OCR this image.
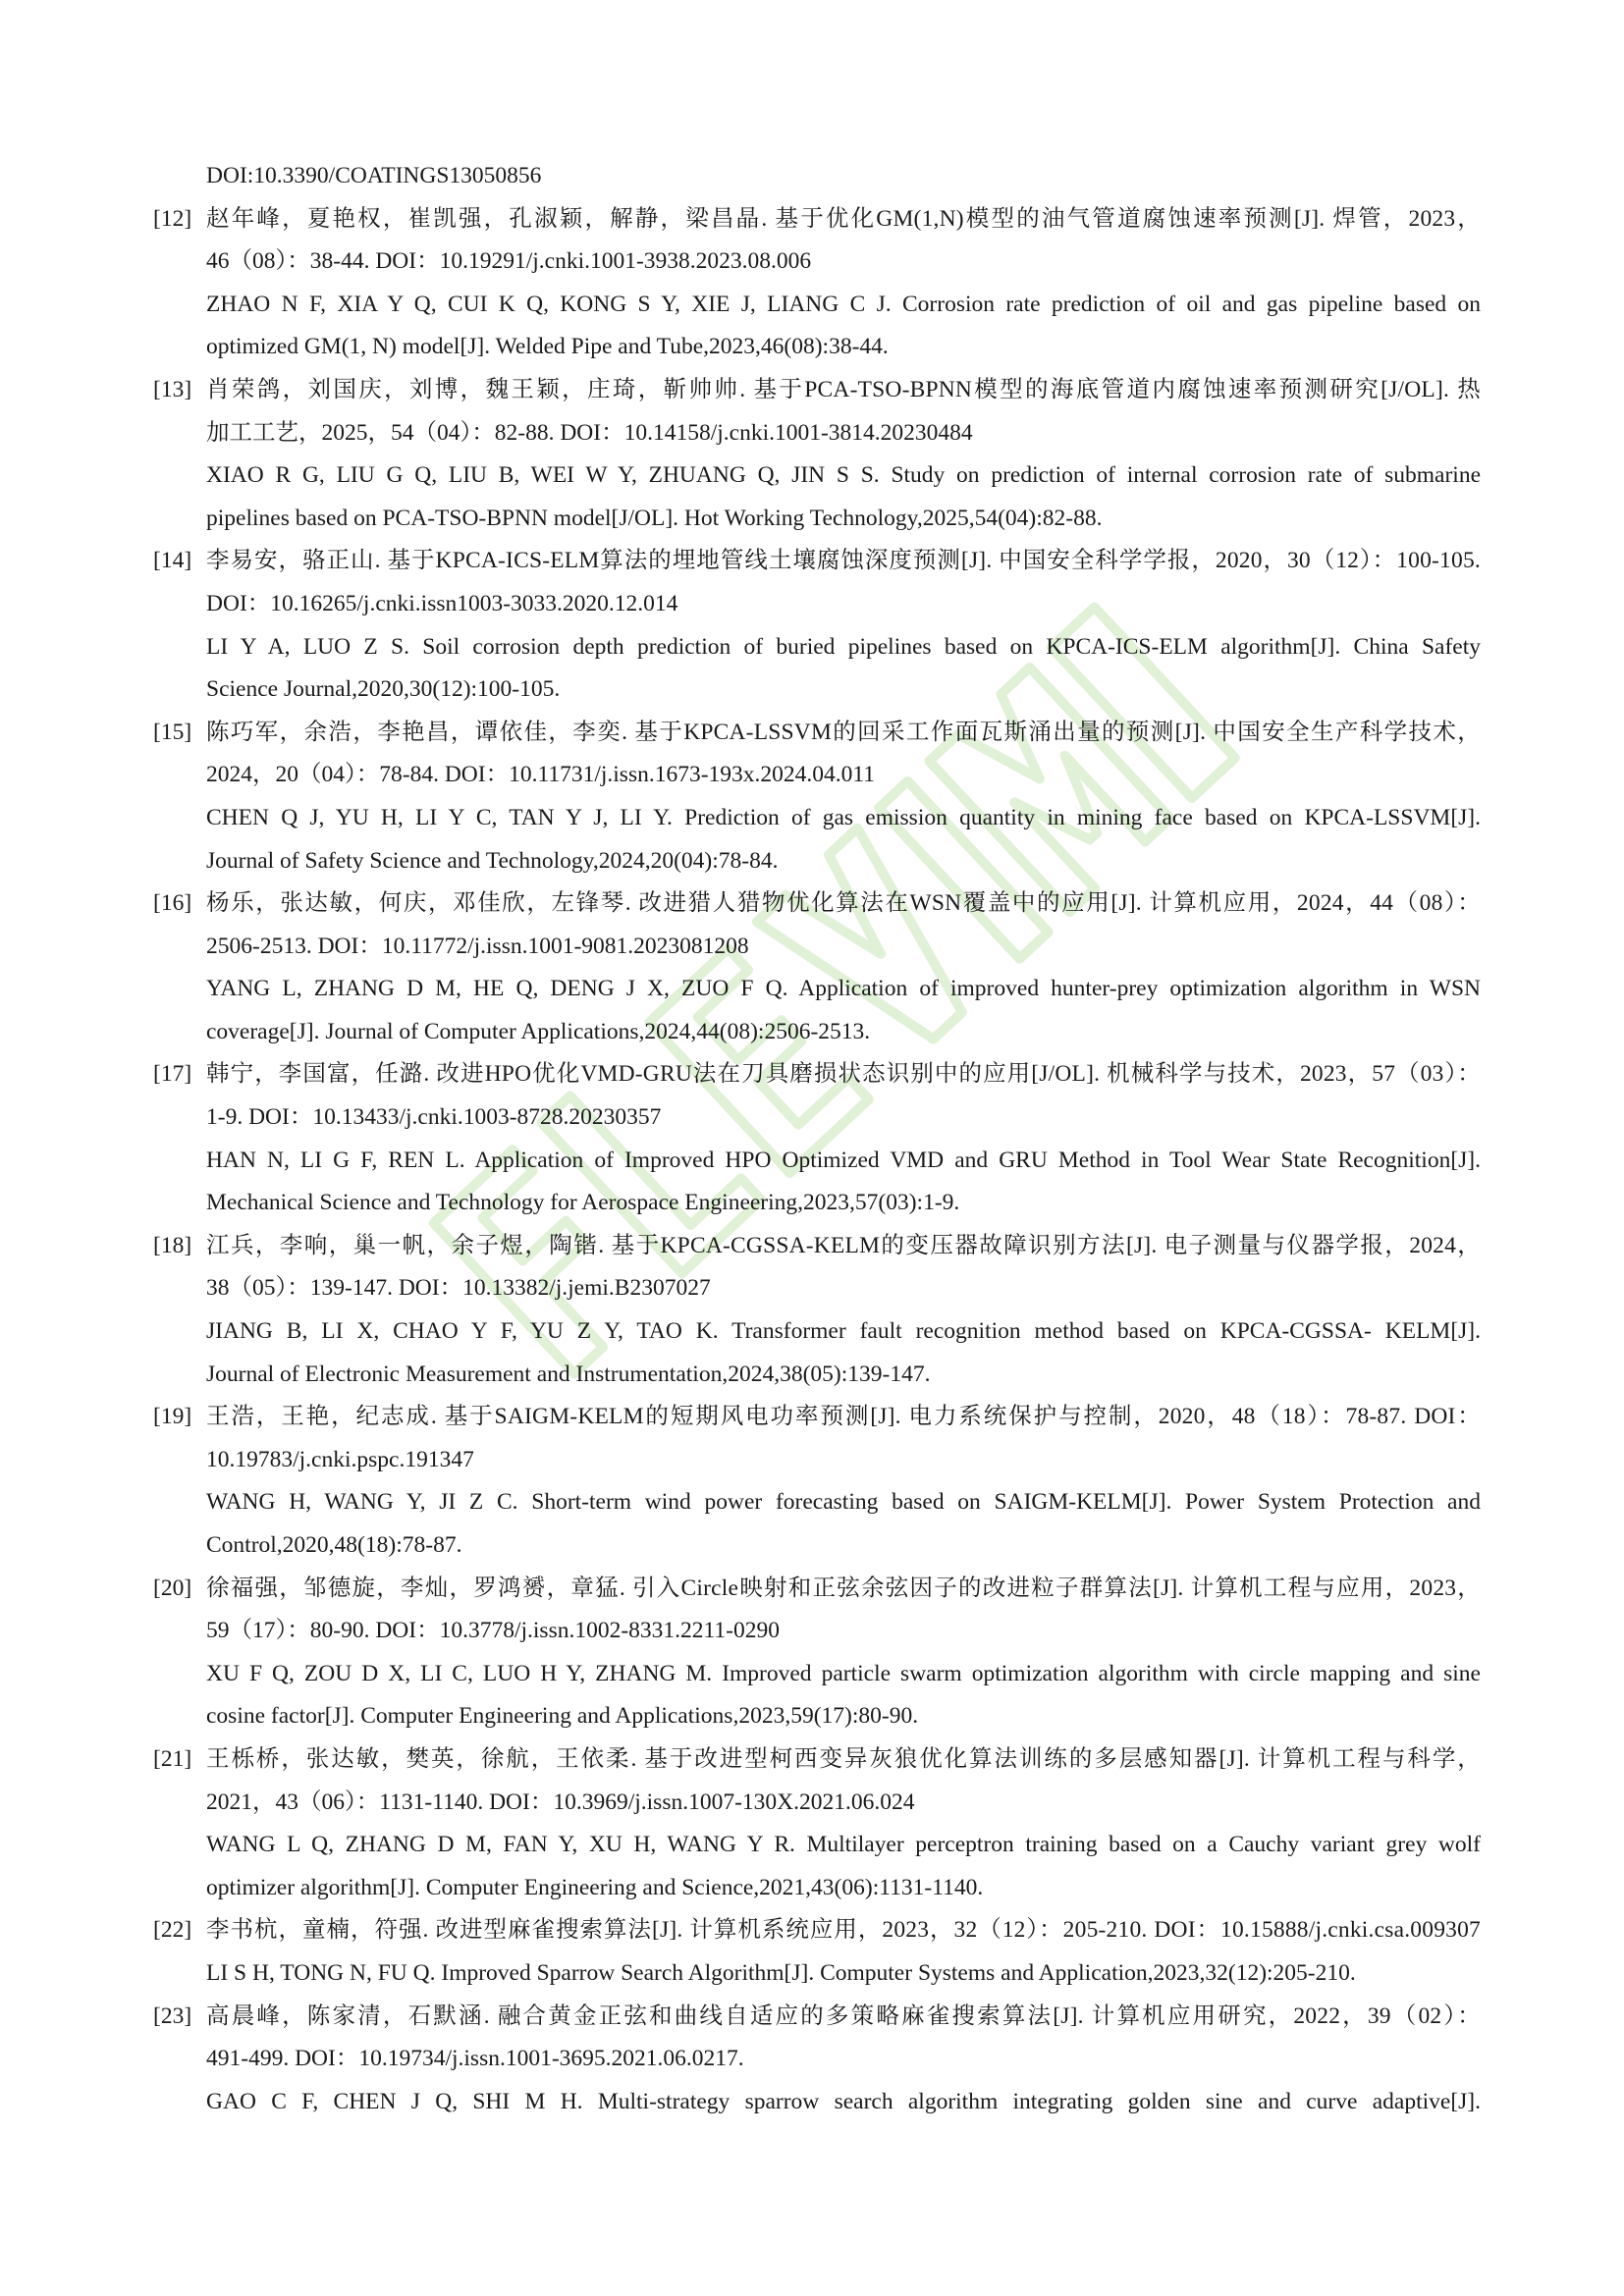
DOI:10.3390/COATINGS13050856
[12] 赵年峰，夏艳权，崔凯强，孔淑颖，解静，梁昌晶. 基于优化GM(1,N)模型的油气管道腐蚀速率预测[J]. 焊管，2023，
46（08）：38-44. DOI：10.19291/j.cnki.1001-3938.2023.08.006
ZHAO N F, XIA Y Q, CUI K Q, KONG S Y, XIE J, LIANG C J. Corrosion rate prediction of oil and gas pipeline based on
optimized GM(1, N) model[J]. Welded Pipe and Tube,2023,46(08):38-44.
[13] 肖荣鸽，刘国庆，刘博，魏王颖，庄琦，靳帅帅. 基于PCA-TSO-BPNN模型的海底管道内腐蚀速率预测研究[J/OL]. 热
加工工艺，2025，54（04）：82-88. DOI：10.14158/j.cnki.1001-3814.20230484
XIAO R G, LIU G Q, LIU B, WEI W Y, ZHUANG Q, JIN S S. Study on prediction of internal corrosion rate of submarine
pipelines based on PCA-TSO-BPNN model[J/OL]. Hot Working Technology,2025,54(04):82-88.
[14] 李易安，骆正山. 基于KPCA-ICS-ELM算法的埋地管线土壤腐蚀深度预测[J]. 中国安全科学学报，2020，30（12）：100-105.
DOI：10.16265/j.cnki.issn1003-3033.2020.12.014
LI Y A, LUO Z S. Soil corrosion depth prediction of buried pipelines based on KPCA-ICS-ELM algorithm[J]. China Safety
Science Journal,2020,30(12):100-105.
[15] 陈巧军，余浩，李艳昌，谭依佳，李奕. 基于KPCA-LSSVM的回采工作面瓦斯涌出量的预测[J]. 中国安全生产科学技术，
2024，20（04）：78-84. DOI：10.11731/j.issn.1673-193x.2024.04.011
CHEN Q J, YU H, LI Y C, TAN Y J, LI Y. Prediction of gas emission quantity in mining face based on KPCA-LSSVM[J].
Journal of Safety Science and Technology,2024,20(04):78-84.
[16] 杨乐，张达敏，何庆，邓佳欣，左锋琴. 改进猎人猎物优化算法在WSN覆盖中的应用[J]. 计算机应用，2024，44（08）：
2506-2513. DOI：10.11772/j.issn.1001-9081.2023081208
YANG L, ZHANG D M, HE Q, DENG J X, ZUO F Q. Application of improved hunter-prey optimization algorithm in WSN
coverage[J]. Journal of Computer Applications,2024,44(08):2506-2513.
[17] 韩宁，李国富，任潞. 改进HPO优化VMD-GRU法在刀具磨损状态识别中的应用[J/OL]. 机械科学与技术，2023，57（03）：
1-9. DOI：10.13433/j.cnki.1003-8728.20230357
HAN N, LI G F, REN L. Application of Improved HPO Optimized VMD and GRU Method in Tool Wear State Recognition[J].
Mechanical Science and Technology for Aerospace Engineering,2023,57(03):1-9.
[18] 江兵，李响，巢一帆，余子煜，陶锴. 基于KPCA-CGSSA-KELM的变压器故障识别方法[J]. 电子测量与仪器学报，2024，
38（05）：139-147. DOI：10.13382/j.jemi.B2307027
JIANG B, LI X, CHAO Y F, YU Z Y, TAO K. Transformer fault recognition method based on KPCA-CGSSA- KELM[J].
Journal of Electronic Measurement and Instrumentation,2024,38(05):139-147.
[19] 王浩，王艳，纪志成. 基于SAIGM-KELM的短期风电功率预测[J]. 电力系统保护与控制，2020，48（18）：78-87. DOI：
10.19783/j.cnki.pspc.191347
WANG H, WANG Y, JI Z C. Short-term wind power forecasting based on SAIGM-KELM[J]. Power System Protection and
Control,2020,48(18):78-87.
[20] 徐福强，邹德旋，李灿，罗鸿赟，章猛. 引入Circle映射和正弦余弦因子的改进粒子群算法[J]. 计算机工程与应用，2023，
59（17）：80-90. DOI：10.3778/j.issn.1002-8331.2211-0290
XU F Q, ZOU D X, LI C, LUO H Y, ZHANG M. Improved particle swarm optimization algorithm with circle mapping and sine
cosine factor[J]. Computer Engineering and Applications,2023,59(17):80-90.
[21] 王栎桥，张达敏，樊英，徐航，王依柔. 基于改进型柯西变异灰狼优化算法训练的多层感知器[J]. 计算机工程与科学，
2021，43（06）：1131-1140. DOI：10.3969/j.issn.1007-130X.2021.06.024
WANG L Q, ZHANG D M, FAN Y, XU H, WANG Y R. Multilayer perceptron training based on a Cauchy variant grey wolf
optimizer algorithm[J]. Computer Engineering and Science,2021,43(06):1131-1140.
[22] 李书杭，童楠，符强. 改进型麻雀搜索算法[J]. 计算机系统应用，2023，32（12）：205-210. DOI：10.15888/j.cnki.csa.009307
LI S H, TONG N, FU Q. Improved Sparrow Search Algorithm[J]. Computer Systems and Application,2023,32(12):205-210.
[23] 高晨峰，陈家清，石默涵. 融合黄金正弦和曲线自适应的多策略麻雀搜索算法[J]. 计算机应用研究，2022，39（02）：
491-499. DOI：10.19734/j.issn.1001-3695.2021.06.0217.
GAO C F, CHEN J Q, SHI M H. Multi-strategy sparrow search algorithm integrating golden sine and curve adaptive[J].
